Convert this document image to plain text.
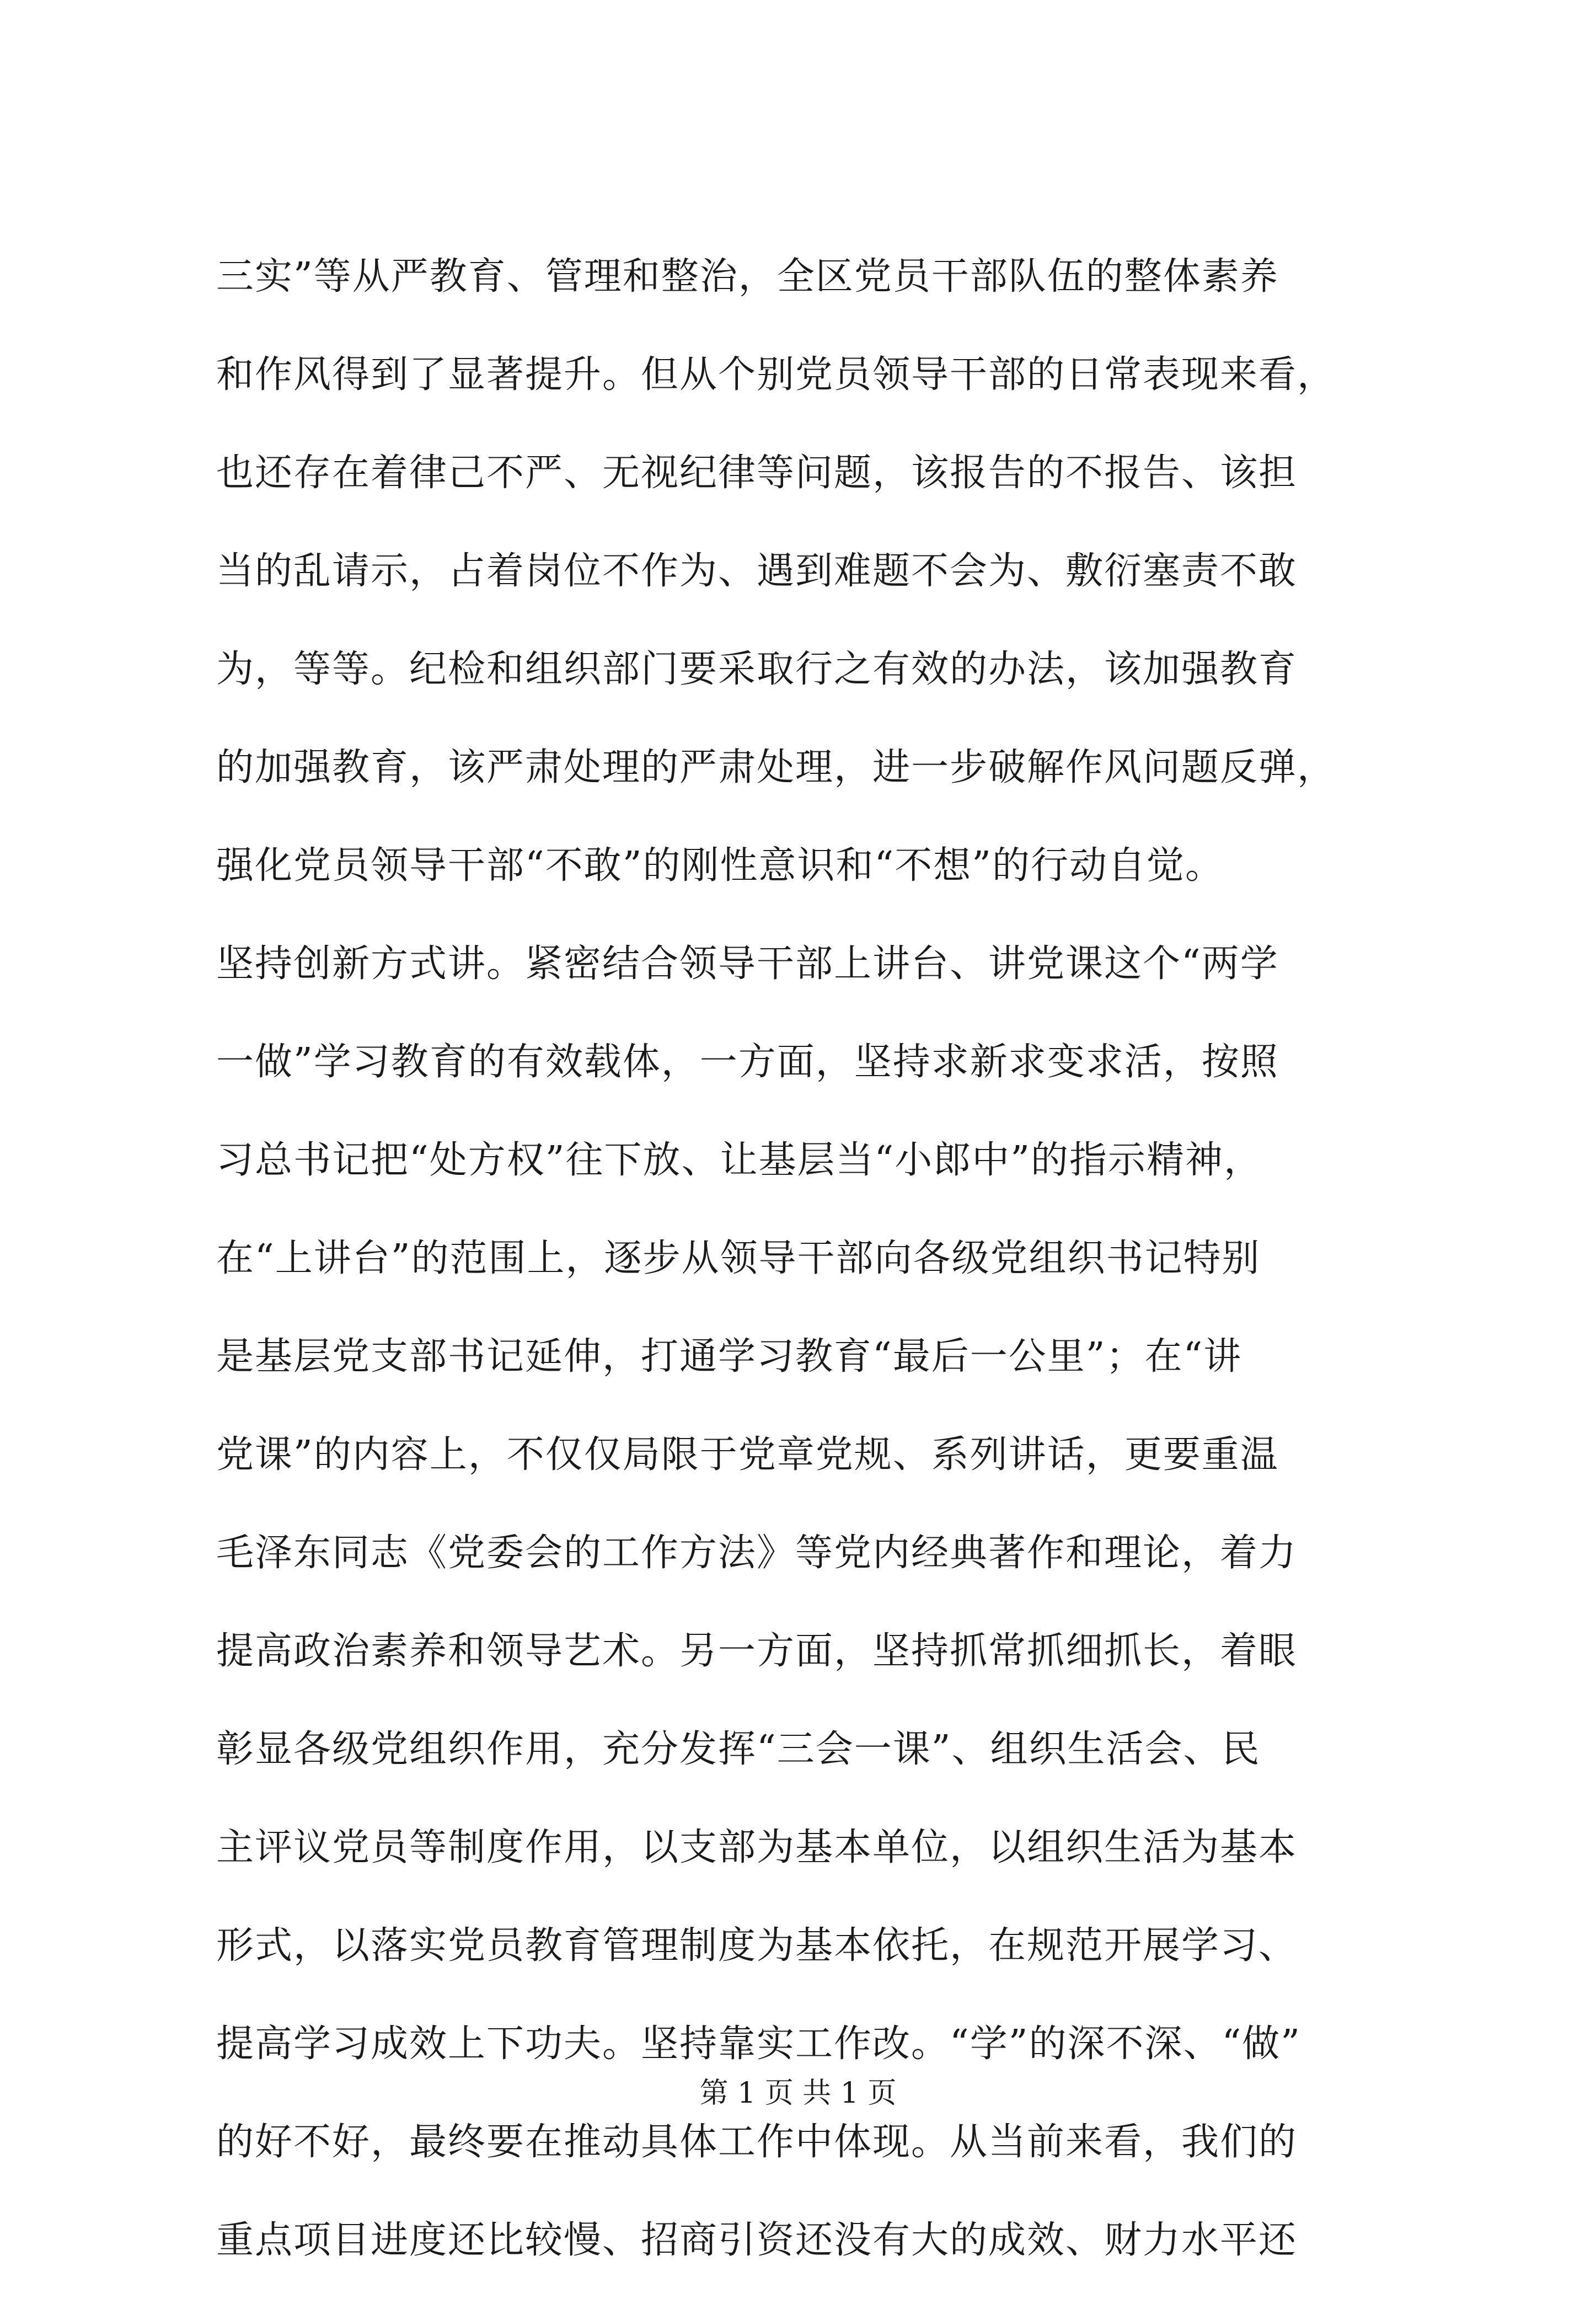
三实”等从严教育、管理和整治，全区党员干部队伍的整体素养
和作风得到了显著提升。但从个别党员领导干部的日常表现来看，
也还存在着律己不严、无视纪律等问题，该报告的不报告、该担
当的乱请示，占着岗位不作为、遇到难题不会为、敷衍塞责不敢
为，等等。纪检和组织部门要采取行之有效的办法，该加强教育
的加强教育，该严肃处理的严肃处理，进一步破解作风问题反弹，
强化党员领导干部“不敢”的刚性意识和“不想”的行动自觉。
坚持创新方式讲。紧密结合领导干部上讲台、讲党课这个“两学
一做”学习教育的有效载体，一方面，坚持求新求变求活，按照
习总书记把“处方权”往下放、让基层当“小郎中”的指示精神，
在“上讲台”的范围上，逐步从领导干部向各级党组织书记特别
是基层党支部书记延伸，打通学习教育“最后一公里”；在“讲
党课”的内容上，不仅仅局限于党章党规、系列讲话，更要重温
毛泽东同志《党委会的工作方法》等党内经典著作和理论，着力
提高政治素养和领导艺术。另一方面，坚持抓常抓细抓长，着眼
彰显各级党组织作用，充分发挥“三会一课”、组织生活会、民
主评议党员等制度作用，以支部为基本单位，以组织生活为基本
形式，以落实党员教育管理制度为基本依托，在规范开展学习、
提高学习成效上下功夫。坚持靠实工作改。“学”的深不深、“做”
的好不好，最终要在推动具体工作中体现。从当前来看，我们的
重点项目进度还比较慢、招商引资还没有大的成效、财力水平还
第 1 页 共 1 页
